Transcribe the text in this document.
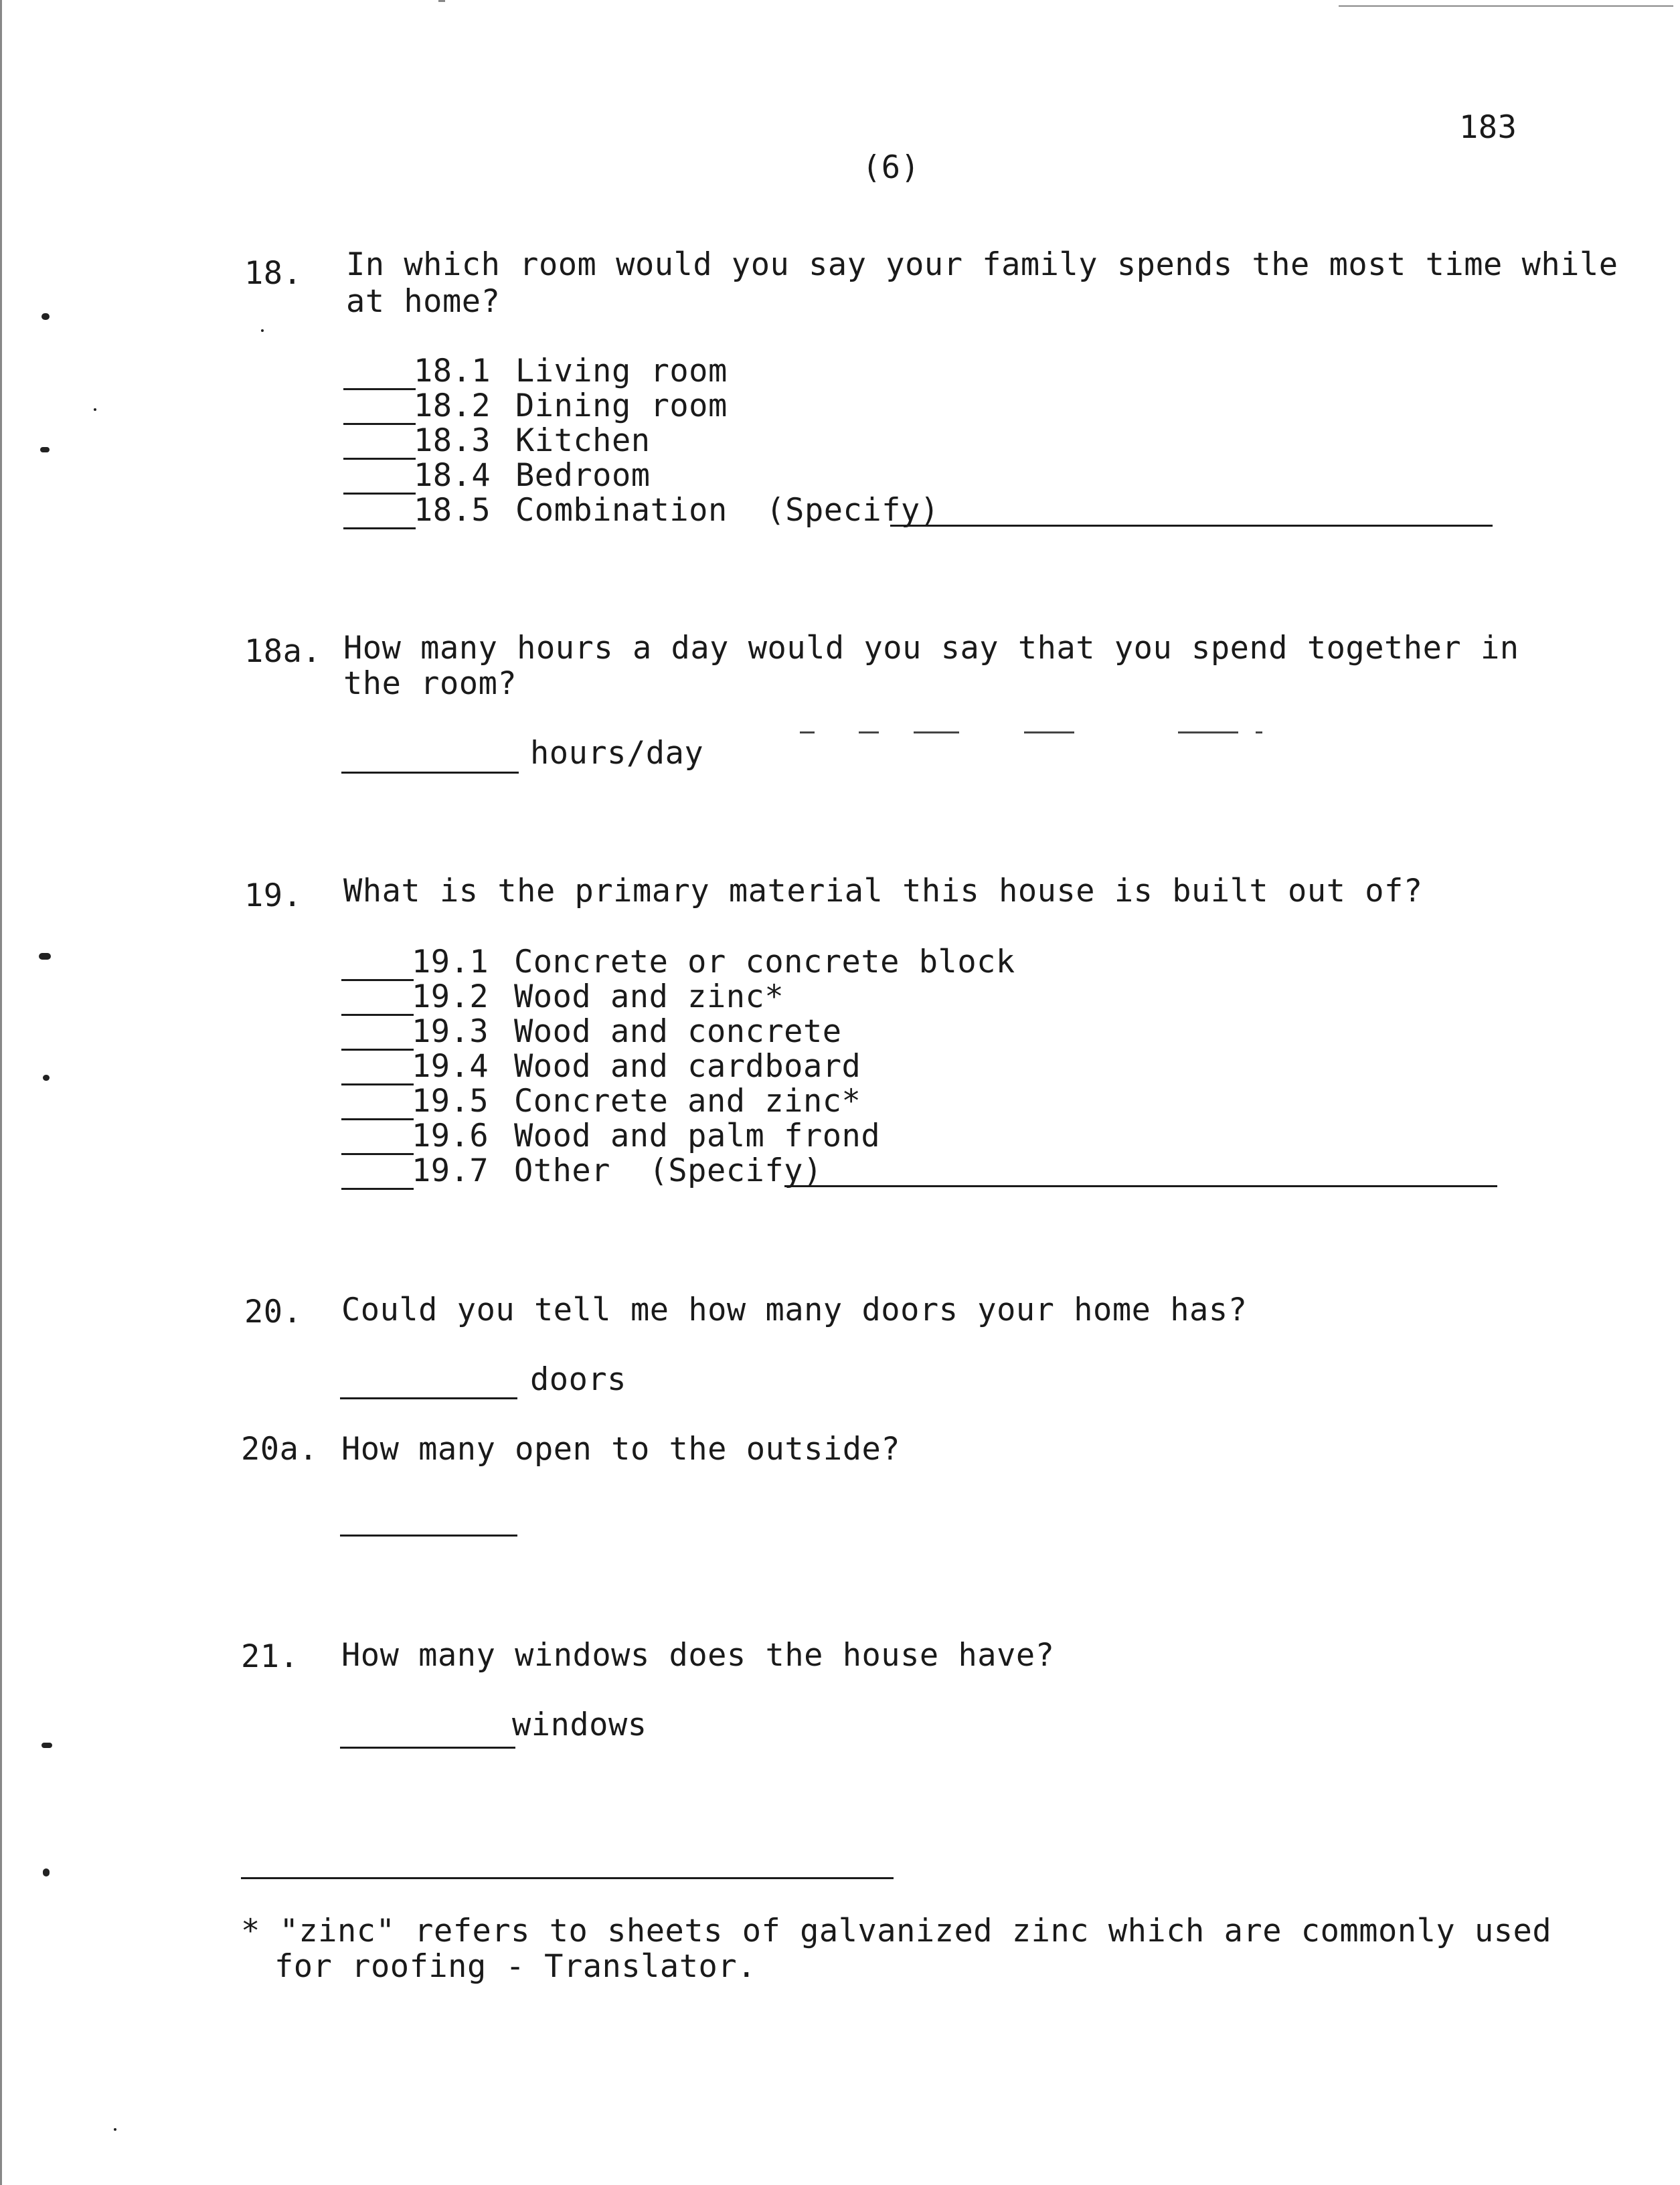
183
(6)
18. In which room would you say your family spends the most time while
at home?
18.1 Living room
18.2 Dining room
18.3 Kitchen
18.4 Bedroom
18.5 Combination  (Specify)
18a. How many hours a day would you say that you spend together in
the room?
hours/day
19. What is the primary material this house is built out of?
19.1 Concrete or concrete block
19.2 Wood and zinc*
19.3 Wood and concrete
19.4 Wood and cardboard
19.5 Concrete and zinc*
19.6 Wood and palm frond
19.7 Other  (Specify)
20. Could you tell me how many doors your home has?
doors
20a. How many open to the outside?
21. How many windows does the house have?
windows
* "zinc" refers to sheets of galvanized zinc which are commonly used
for roofing - Translator.
